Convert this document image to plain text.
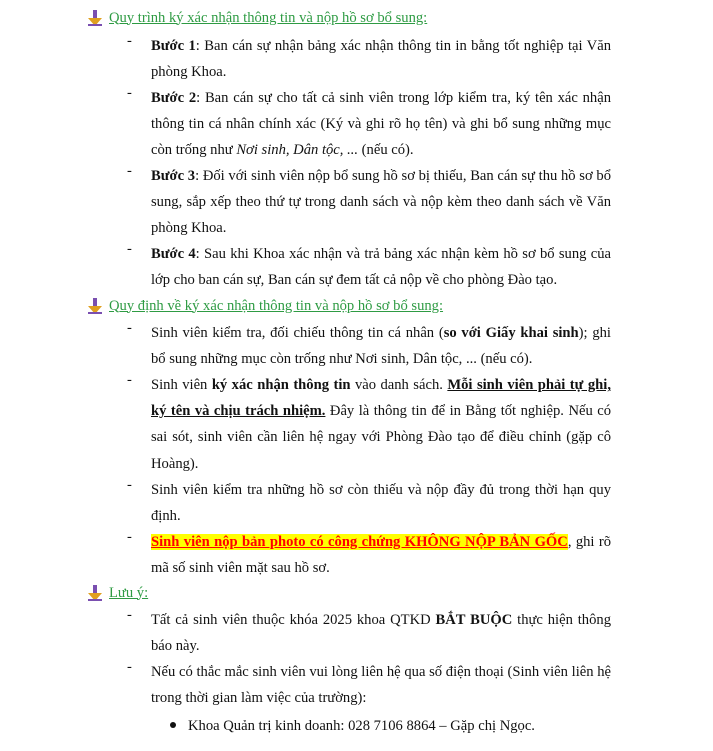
Quy trình ký xác nhận thông tin và nộp hồ sơ bổ sung:
- Bước 1: Ban cán sự nhận bảng xác nhận thông tin in bằng tốt nghiệp tại Văn phòng Khoa.
- Bước 2: Ban cán sự cho tất cả sinh viên trong lớp kiểm tra, ký tên xác nhận thông tin cá nhân chính xác (Ký và ghi rõ họ tên) và ghi bổ sung những mục còn trống như Nơi sinh, Dân tộc, ... (nếu có).
- Bước 3: Đối với sinh viên nộp bổ sung hồ sơ bị thiếu, Ban cán sự thu hồ sơ bổ sung, sắp xếp theo thứ tự trong danh sách và nộp kèm theo danh sách về Văn phòng Khoa.
- Bước 4: Sau khi Khoa xác nhận và trả bảng xác nhận kèm hồ sơ bổ sung của lớp cho ban cán sự, Ban cán sự đem tất cả nộp về cho phòng Đào tạo.
Quy định về ký xác nhận thông tin và nộp hồ sơ bổ sung:
- Sinh viên kiểm tra, đối chiếu thông tin cá nhân (so với Giấy khai sinh); ghi bổ sung những mục còn trống như Nơi sinh, Dân tộc, ... (nếu có).
- Sinh viên ký xác nhận thông tin vào danh sách. Mỗi sinh viên phải tự ghi, ký tên và chịu trách nhiệm. Đây là thông tin để in Bằng tốt nghiệp. Nếu có sai sót, sinh viên cần liên hệ ngay với Phòng Đào tạo để điều chỉnh (gặp cô Hoàng).
- Sinh viên kiểm tra những hồ sơ còn thiếu và nộp đầy đủ trong thời hạn quy định.
- Sinh viên nộp bản photo có công chứng KHÔNG NỘP BẢN GỐC, ghi rõ mã số sinh viên mặt sau hồ sơ.
Lưu ý:
- Tất cả sinh viên thuộc khóa 2025 khoa QTKD BẮT BUỘC thực hiện thông báo này.
- Nếu có thắc mắc sinh viên vui lòng liên hệ qua số điện thoại (Sinh viên liên hệ trong thời gian làm việc của trường):
Khoa Quản trị kinh doanh: 028 7106 8864 – Gặp chị Ngọc.
